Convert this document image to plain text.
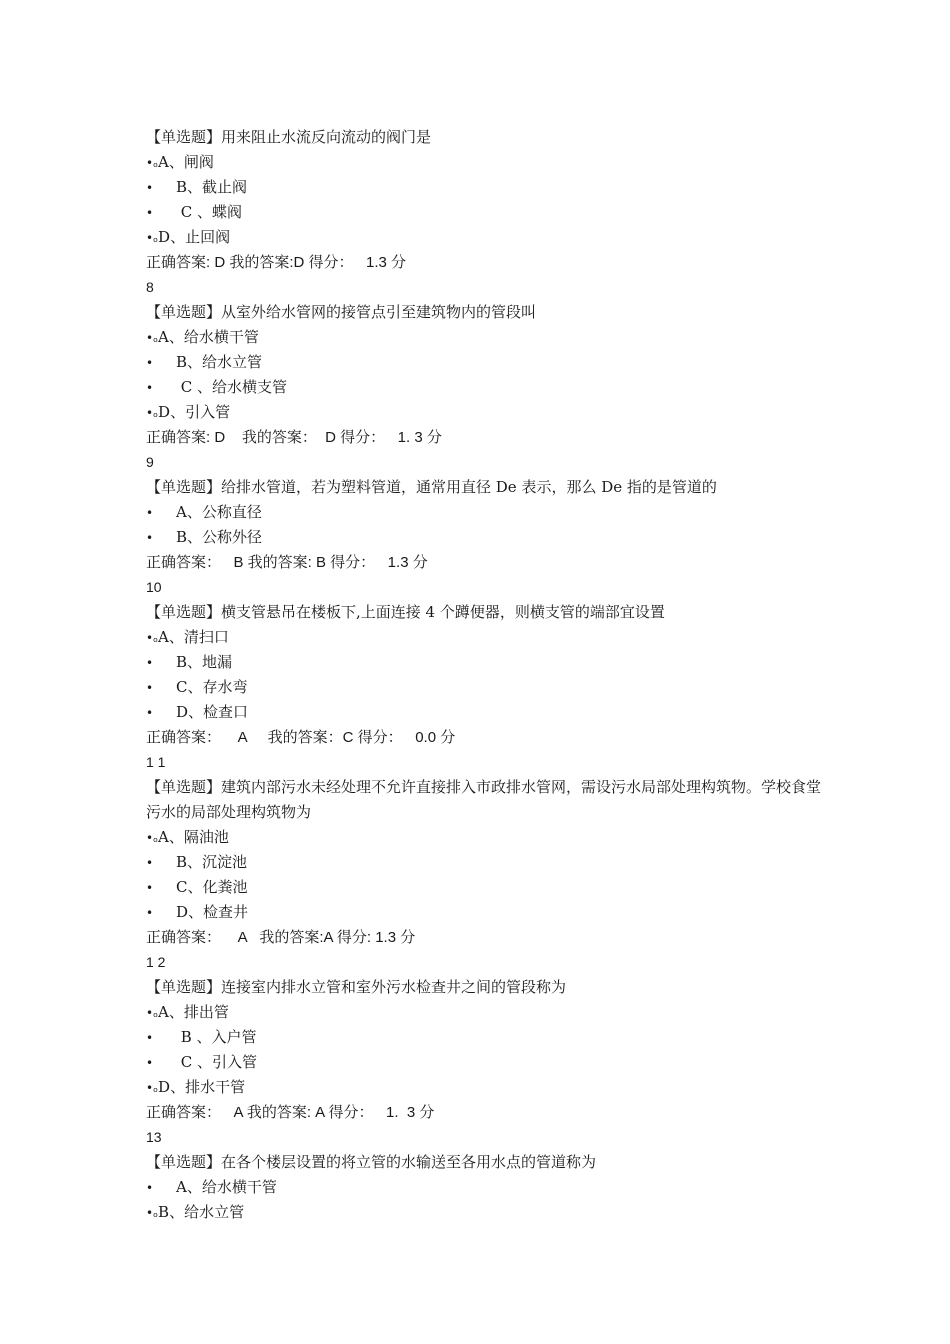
【单选题】用来阻止水流反向流动的阀门是
•ₒA、闸阀
• B、截止阀
• C 、蝶阀
•ₒD、止回阀
正确答案: D 我的答案:D 得分：   1.3 分
8
【单选题】从室外给水管网的接管点引至建筑物内的管段叫
•ₒA、给水横干管
• B、给水立管
• C 、给水横支管
•ₒD、引入管
正确答案: D    我的答案：  D 得分：   1. 3 分
9
【单选题】给排水管道，若为塑料管道，通常用直径 De 表示，那么 De 指的是管道的
• A、公称直径
• B、公称外径
正确答案：   B 我的答案: B 得分：   1.3 分
10
【单选题】横支管悬吊在楼板下,上面连接 4 个蹲便器，则横支管的端部宜设置
•ₒA、清扫口
• B、地漏
• C、存水弯
• D、检查口
正确答案：    A     我的答案：C 得分：   0.0 分
1 1
【单选题】建筑内部污水未经处理不允许直接排入市政排水管网，需设污水局部处理构筑物。学校食堂污水的局部处理构筑物为
•ₒA、隔油池
• B、沉淀池
• C、化粪池
• D、检查井
正确答案：    A   我的答案:A 得分: 1.3 分
1 2
【单选题】连接室内排水立管和室外污水检查井之间的管段称为
•ₒA、排出管
• B 、入户管
• C 、引入管
•ₒD、排水干管
正确答案：   A 我的答案: A 得分：   1.  3 分
13
【单选题】在各个楼层设置的将立管的水输送至各用水点的管道称为
• A、给水横干管
•ₒB、给水立管
